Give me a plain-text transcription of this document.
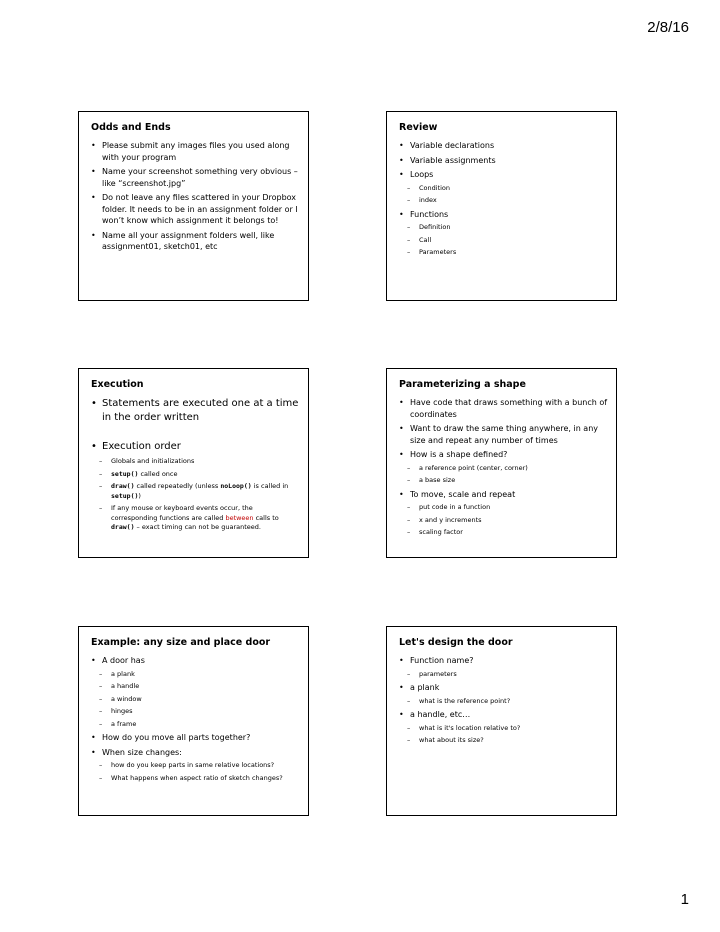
2/8/16
Odds and Ends
• Please submit any images files you used along with your program
• Name your screenshot something very obvious – like “screenshot.jpg”
• Do not leave any files scattered in your Dropbox folder. It needs to be in an assignment folder or I won’t know which assignment it belongs to!
• Name all your assignment folders well, like assignment01, sketch01, etc
Review
• Variable declarations
• Variable assignments
• Loops
– Condition
– index
• Functions
– Definition
– Call
– Parameters
Execution
• Statements are executed one at a time in the order written
• Execution order
– Globals and initializations
– setup() called once
– draw() called repeatedly (unless noLoop() is called in setup())
– If any mouse or keyboard events occur, the corresponding functions are called between calls to draw() – exact timing can not be guaranteed.
Parameterizing a shape
• Have code that draws something with a bunch of coordinates
• Want to draw the same thing anywhere, in any size and repeat any number of times
• How is a shape defined?
– a reference point (center, corner)
– a base size
• To move, scale and repeat
– put code in a function
– x and y increments
– scaling factor
Example: any size and place door
• A door has
– a plank
– a handle
– a window
– hinges
– a frame
• How do you move all parts together?
• When size changes:
– how do you keep parts in same relative locations?
– What happens when aspect ratio of sketch changes?
Let's design the door
• Function name?
– parameters
• a plank
– what is the reference point?
• a handle, etc…
– what is it's location relative to?
– what about its size?
1
